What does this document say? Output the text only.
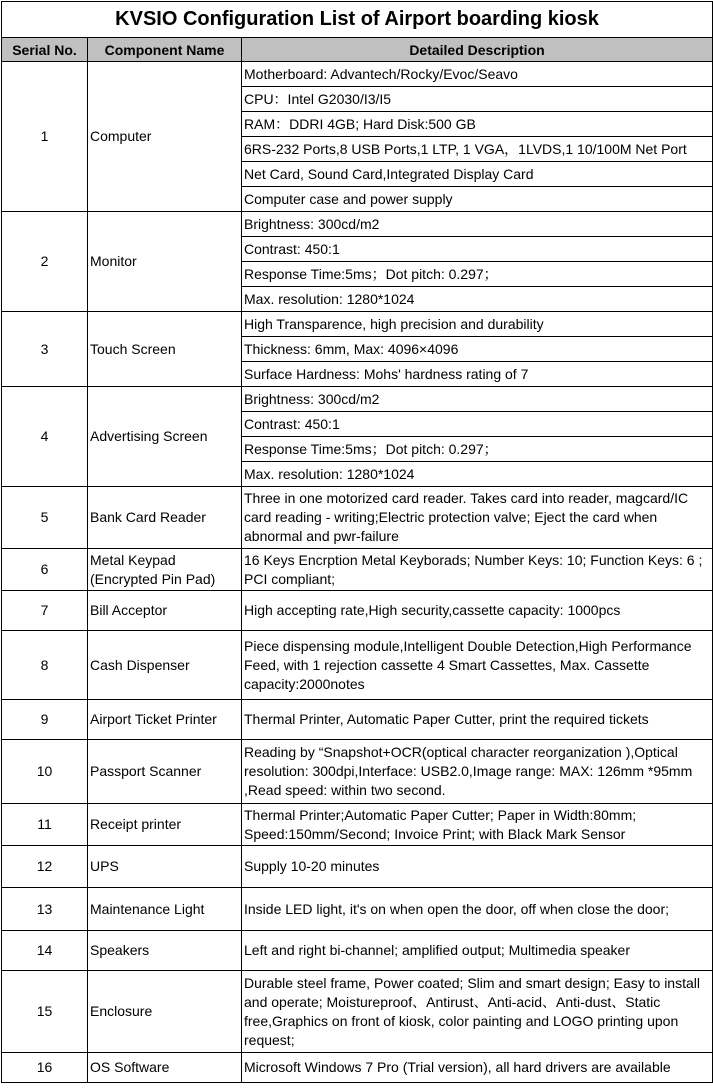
KVSIO Configuration List of Airport boarding kiosk		
Serial No.	Component Name	Detailed Description
1	Computer	Motherboard: Advantech/Rocky/Evoc/Seavo
		CPU：Intel G2030/I3/I5
		RAM：DDRI 4GB; Hard Disk:500 GB
		6RS-232 Ports,8 USB Ports,1 LTP, 1 VGA，1LVDS,1 10/100M Net Port
		Net Card, Sound Card,Integrated Display Card
		Computer case and power supply
2	Monitor	Brightness: 300cd/m2
		Contrast: 450:1
		Response Time:5ms；Dot pitch: 0.297；
		Max. resolution: 1280*1024
3	Touch Screen	High Transparence, high precision and durability
		Thickness: 6mm, Max: 4096×4096
		Surface Hardness: Mohs' hardness rating of 7
4	Advertising Screen	Brightness: 300cd/m2
		Contrast: 450:1
		Response Time:5ms；Dot pitch: 0.297；
		Max. resolution: 1280*1024
5	Bank Card Reader	Three in one motorized card reader. Takes card into reader, magcard/IC card reading - writing;Electric protection valve; Eject the card when abnormal and pwr-failure
6	Metal Keypad (Encrypted Pin Pad)	16 Keys Encrption Metal Keyborads; Number Keys: 10; Function Keys: 6 ; PCI compliant;
7	Bill Acceptor	High accepting rate,High security,cassette capacity: 1000pcs
8	Cash Dispenser	Piece dispensing module,Intelligent Double Detection,High Performance Feed, with 1 rejection cassette 4 Smart Cassettes, Max. Cassette capacity:2000notes
9	Airport Ticket Printer	Thermal Printer, Automatic Paper Cutter, print the required tickets
10	Passport Scanner	Reading by “Snapshot+OCR(optical character reorganization ),Optical resolution: 300dpi,Interface: USB2.0,Image range: MAX: 126mm *95mm ,Read speed: within two second.
11	Receipt printer	Thermal Printer;Automatic Paper Cutter; Paper in Width:80mm; Speed:150mm/Second; Invoice Print; with Black Mark Sensor
12	UPS	Supply 10-20 minutes
13	Maintenance Light	Inside LED light, it's on when open the door, off when close the door;
14	Speakers	Left and right bi-channel; amplified output; Multimedia speaker
15	Enclosure	Durable steel frame, Power coated; Slim and smart design; Easy to install and operate; Moistureproof、Antirust、Anti-acid、Anti-dust、Static free,Graphics on front of kiosk, color painting and LOGO printing upon request;
16	OS Software	Microsoft Windows 7 Pro (Trial version), all hard drivers are available
